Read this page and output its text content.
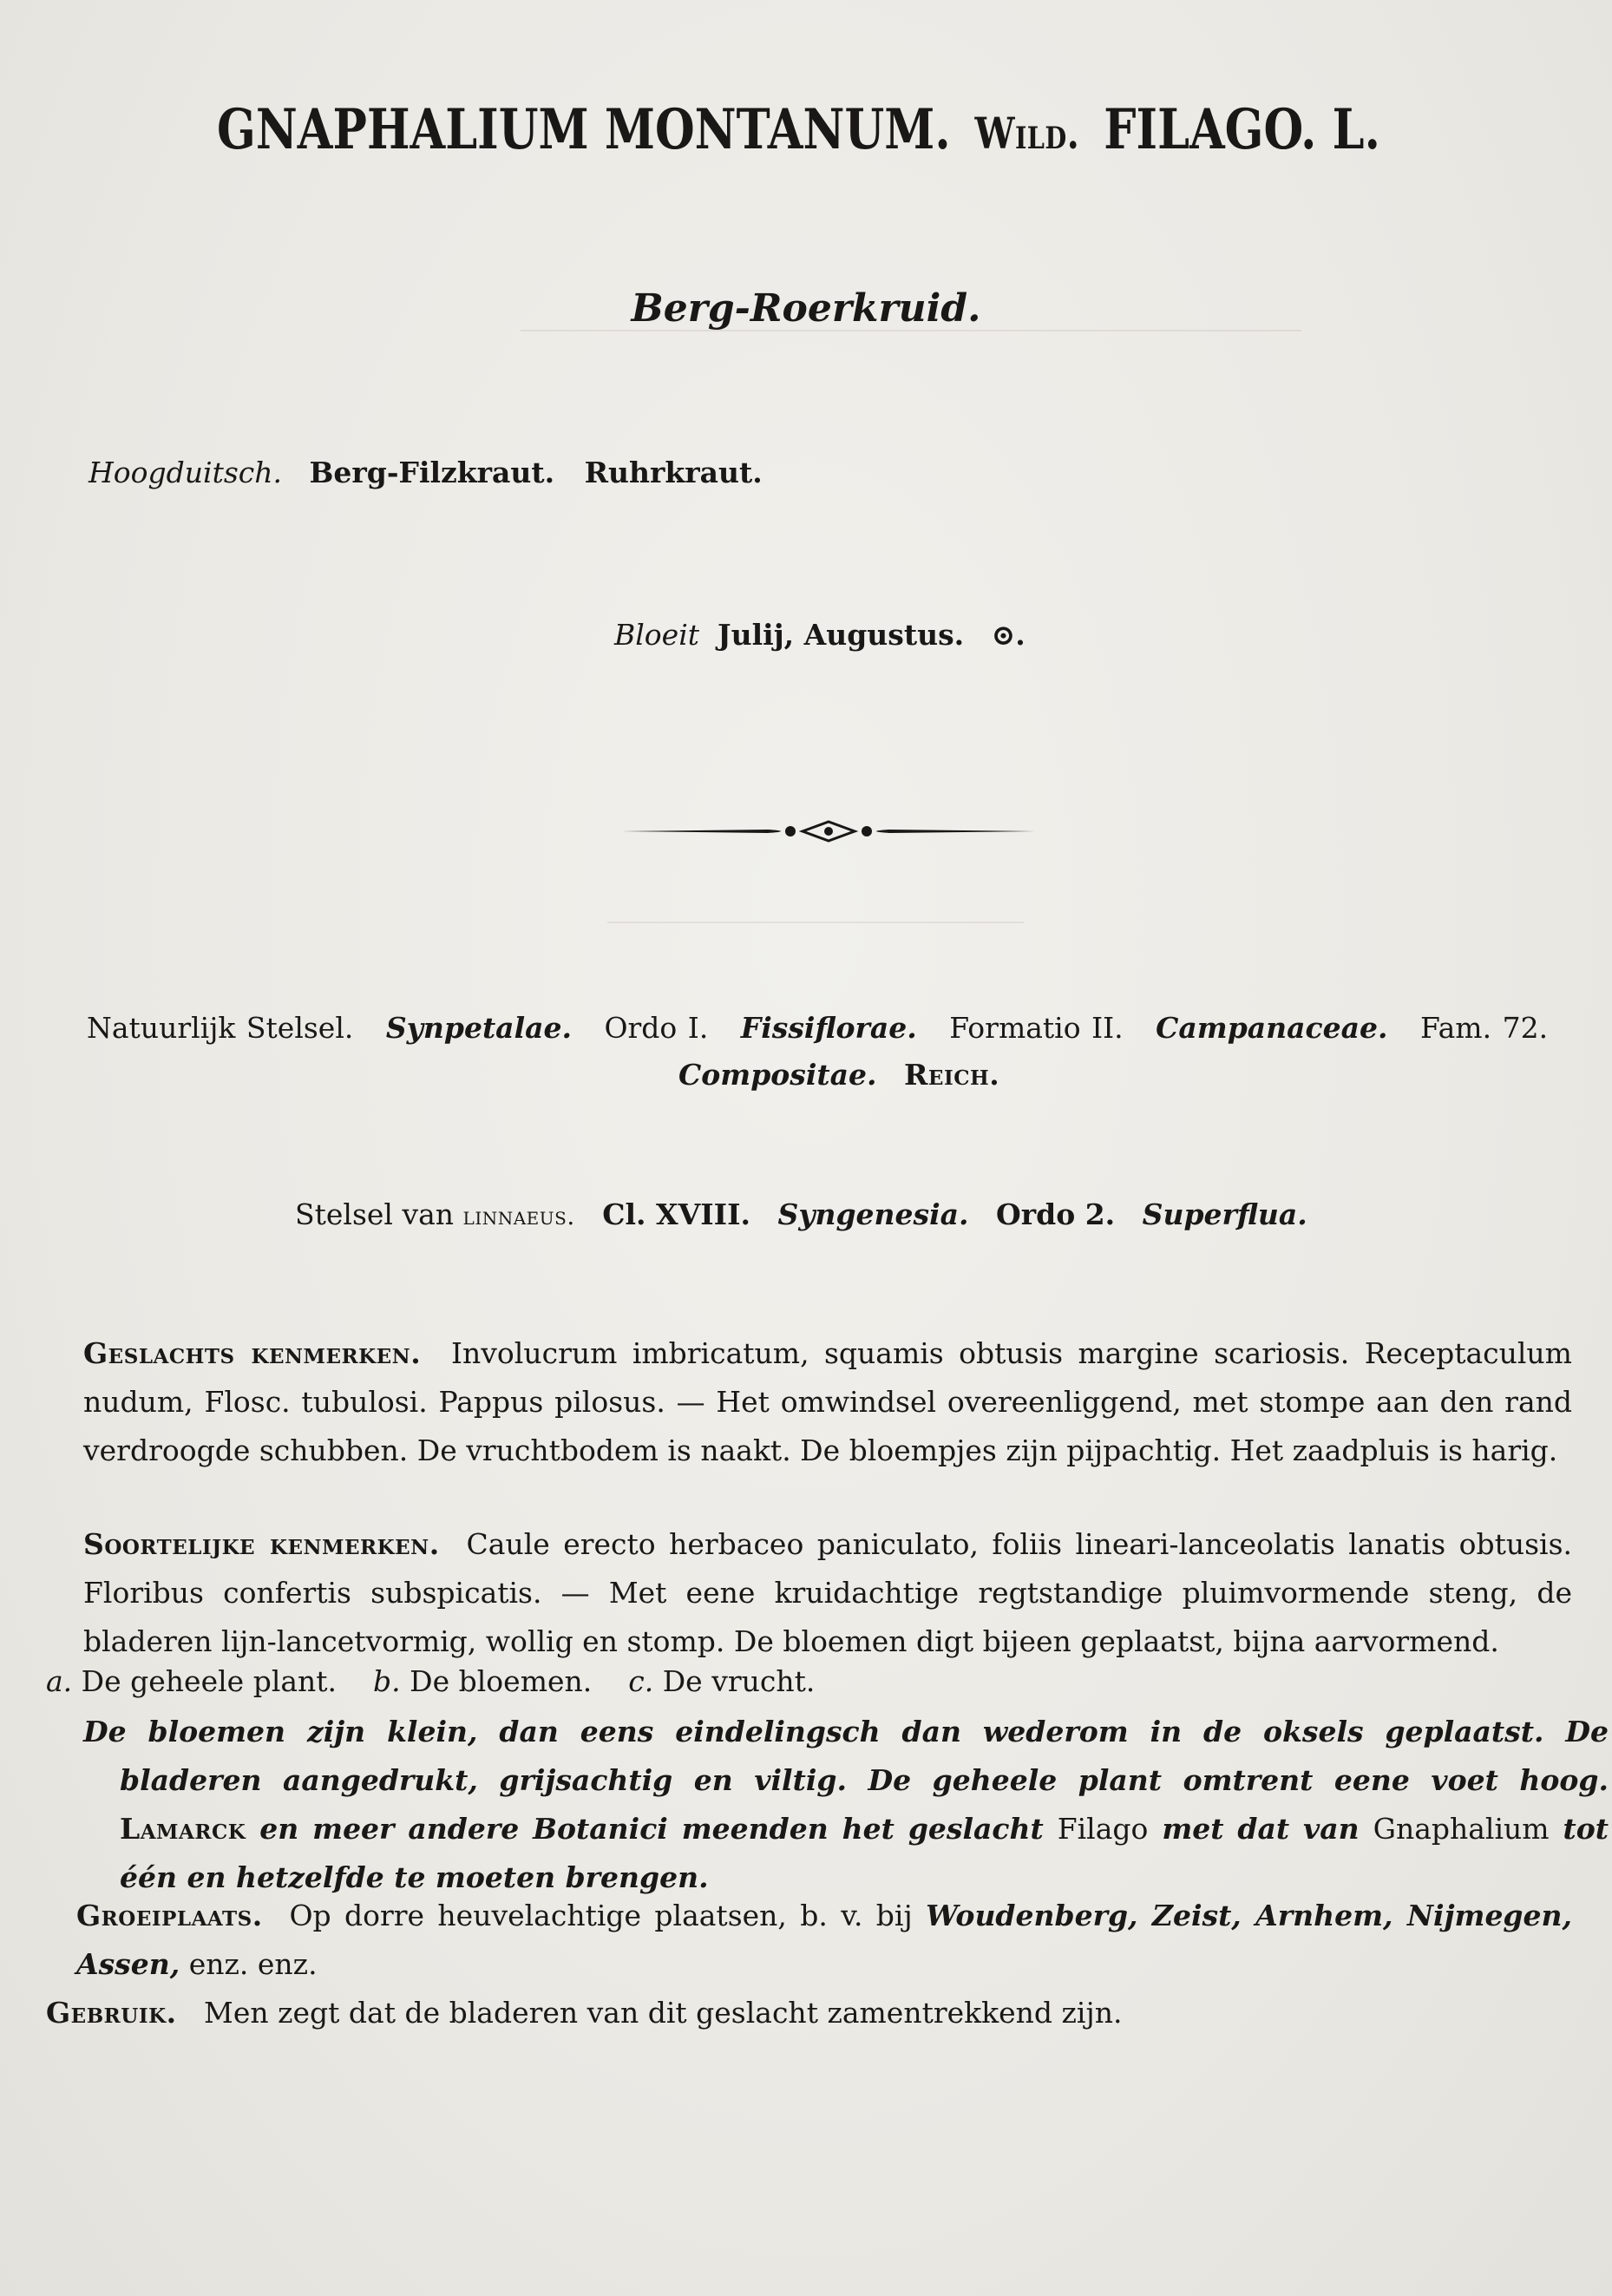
GNAPHALIUM MONTANUM. Wild. FILAGO. L.
Berg-Roerkruid.
Hoogduitsch. Berg-Filzkraut.   Ruhrkraut.
Bloeit Julij, Augustus. ⊙.
Natuurlijk Stelsel. Synpetalae. Ordo I. Fissiflorae. Formatio II. Campanaceae. Fam. 72.
Compositae. Reich.
Stelsel van linnaeus. Cl. XVIII. Syngenesia. Ordo 2. Superflua.
Geslachts kenmerken. Involucrum imbricatum, squamis obtusis margine scariosis. Receptaculum nudum, Flosc. tubulosi. Pappus pilosus. — Het omwindsel overeenliggend, met stompe aan den rand verdroogde schubben. De vruchtbodem is naakt. De bloempjes zijn pijpachtig. Het zaadpluis is harig.
Soortelijke kenmerken. Caule erecto herbaceo paniculato, foliis lineari-lanceolatis lanatis obtusis. Floribus confertis subspicatis. — Met eene kruidachtige regtstandige pluimvormende steng, de bladeren lijn-lancetvormig, wollig en stomp. De bloemen digt bijeen geplaatst, bijna aarvormend.
a. De geheele plant. b. De bloemen. c. De vrucht.
De bloemen zijn klein, dan eens eindelingsch dan wederom in de oksels geplaatst. De bladeren aangedrukt, grijsachtig en viltig. De geheele plant omtrent eene voet hoog. Lamarck en meer andere Botanici meenden het geslacht Filago met dat van Gnaphalium tot één en hetzelfde te moeten brengen.
Groeiplaats. Op dorre heuvelachtige plaatsen, b. v. bij Woudenberg, Zeist, Arnhem, Nijmegen, Assen, enz. enz.
Gebruik. Men zegt dat de bladeren van dit geslacht zamentrekkend zijn.
